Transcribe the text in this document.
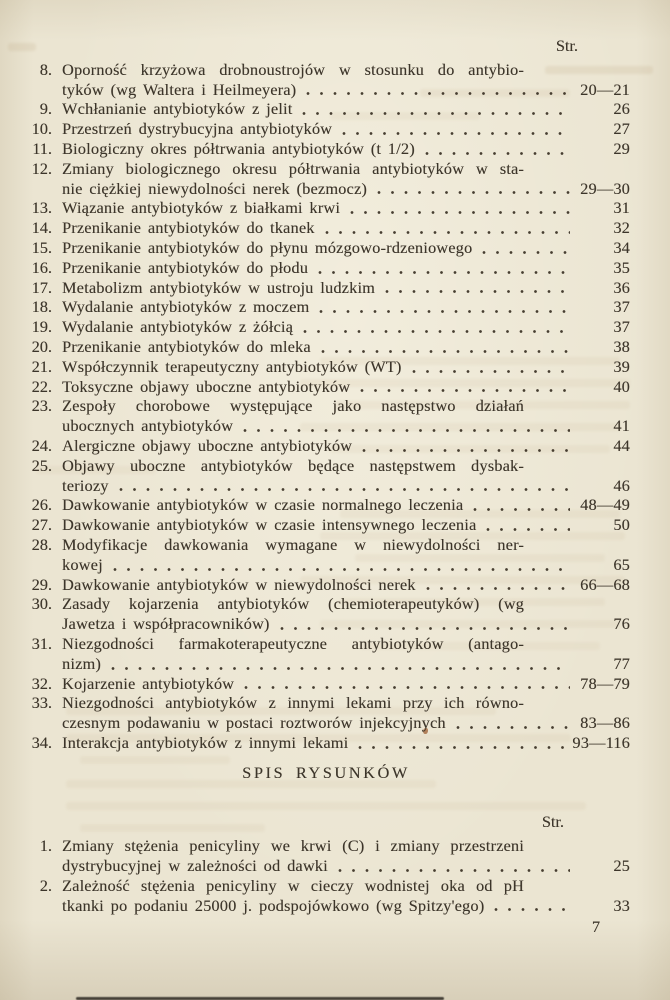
Str.
8. Oporność krzyżowa drobnoustrojów w stosunku do antybio-
tyków (wg Waltera i Heilmeyera)	20—21
9. Wchłanianie antybiotyków z jelit	26
10. Przestrzeń dystrybucyjna antybiotyków	27
11. Biologiczny okres półtrwania antybiotyków (t 1/2)	29
12. Zmiany biologicznego okresu półtrwania antybiotyków w sta-
nie ciężkiej niewydolności nerek (bezmocz)	29—30
13. Wiązanie antybiotyków z białkami krwi	31
14. Przenikanie antybiotyków do tkanek	32
15. Przenikanie antybiotyków do płynu mózgowo-rdzeniowego	34
16. Przenikanie antybiotyków do płodu	35
17. Metabolizm antybiotyków w ustroju ludzkim	36
18. Wydalanie antybiotyków z moczem	37
19. Wydalanie antybiotyków z żółcią	37
20. Przenikanie antybiotyków do mleka	38
21. Współczynnik terapeutyczny antybiotyków (WT)	39
22. Toksyczne objawy uboczne antybiotyków	40
23. Zespoły chorobowe występujące jako następstwo działań
ubocznych antybiotyków	41
24. Alergiczne objawy uboczne antybiotyków	44
25. Objawy uboczne antybiotyków będące następstwem dysbak-
teriozy	46
26. Dawkowanie antybiotyków w czasie normalnego leczenia	48—49
27. Dawkowanie antybiotyków w czasie intensywnego leczenia	50
28. Modyfikacje dawkowania wymagane w niewydolności ner-
kowej	65
29. Dawkowanie antybiotyków w niewydolności nerek	66—68
30. Zasady kojarzenia antybiotyków (chemioterapeutyków) (wg
Jawetza i współpracowników)	76
31. Niezgodności farmakoterapeutyczne antybiotyków (antago-
nizm)	77
32. Kojarzenie antybiotyków	78—79
33. Niezgodności antybiotyków z innymi lekami przy ich równo-
czesnym podawaniu w postaci roztworów injekcyjnych	83—86
34. Interakcja antybiotyków z innymi lekami	93—116
SPIS RYSUNKÓW
Str.
1. Zmiany stężenia penicyliny we krwi (C) i zmiany przestrzeni
dystrybucyjnej w zależności od dawki	25
2. Zależność stężenia penicyliny w cieczy wodnistej oka od pH
tkanki po podaniu 25000 j. podspojówkowo (wg Spitzy'ego)	33
7
